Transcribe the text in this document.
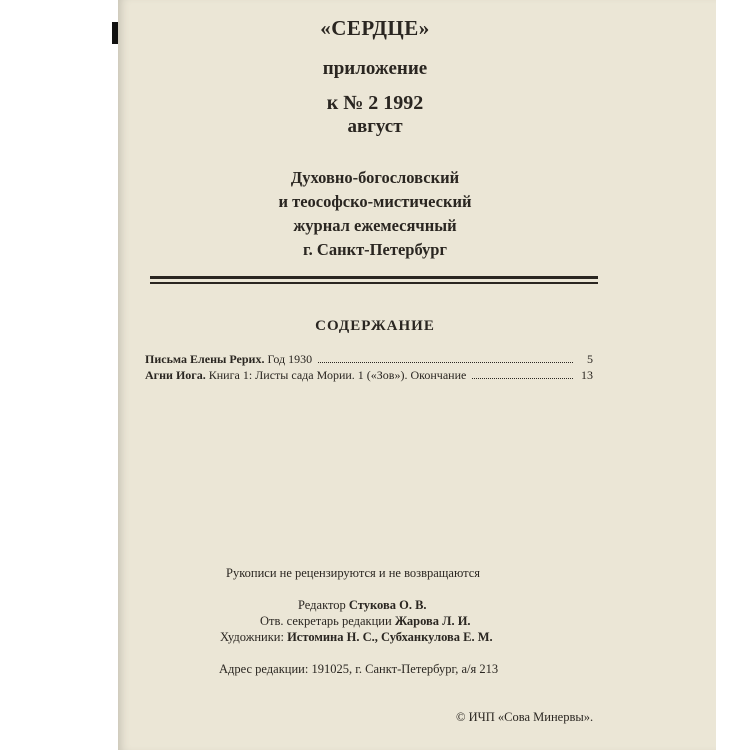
«СЕРДЦЕ»
приложение
к № 2 1992
август
Духовно-богословский
и теософско-мистический
журнал ежемесячный
г. Санкт-Петербург
СОДЕРЖАНИЕ
Письма Елены Рерих.
Год 1930	5
Агни Иога.
Книга 1: Листы сада Мории. 1 («Зов»). Окончание	13
Рукописи не рецензируются и не возвращаются
Редактор Стукова О. В.
Отв. секретарь редакции Жарова Л. И.
Художники: Истомина Н. С., Субханкулова Е. М.
Адрес редакции: 191025, г. Санкт-Петербург, а/я 213
© ИЧП «Сова Минервы».
